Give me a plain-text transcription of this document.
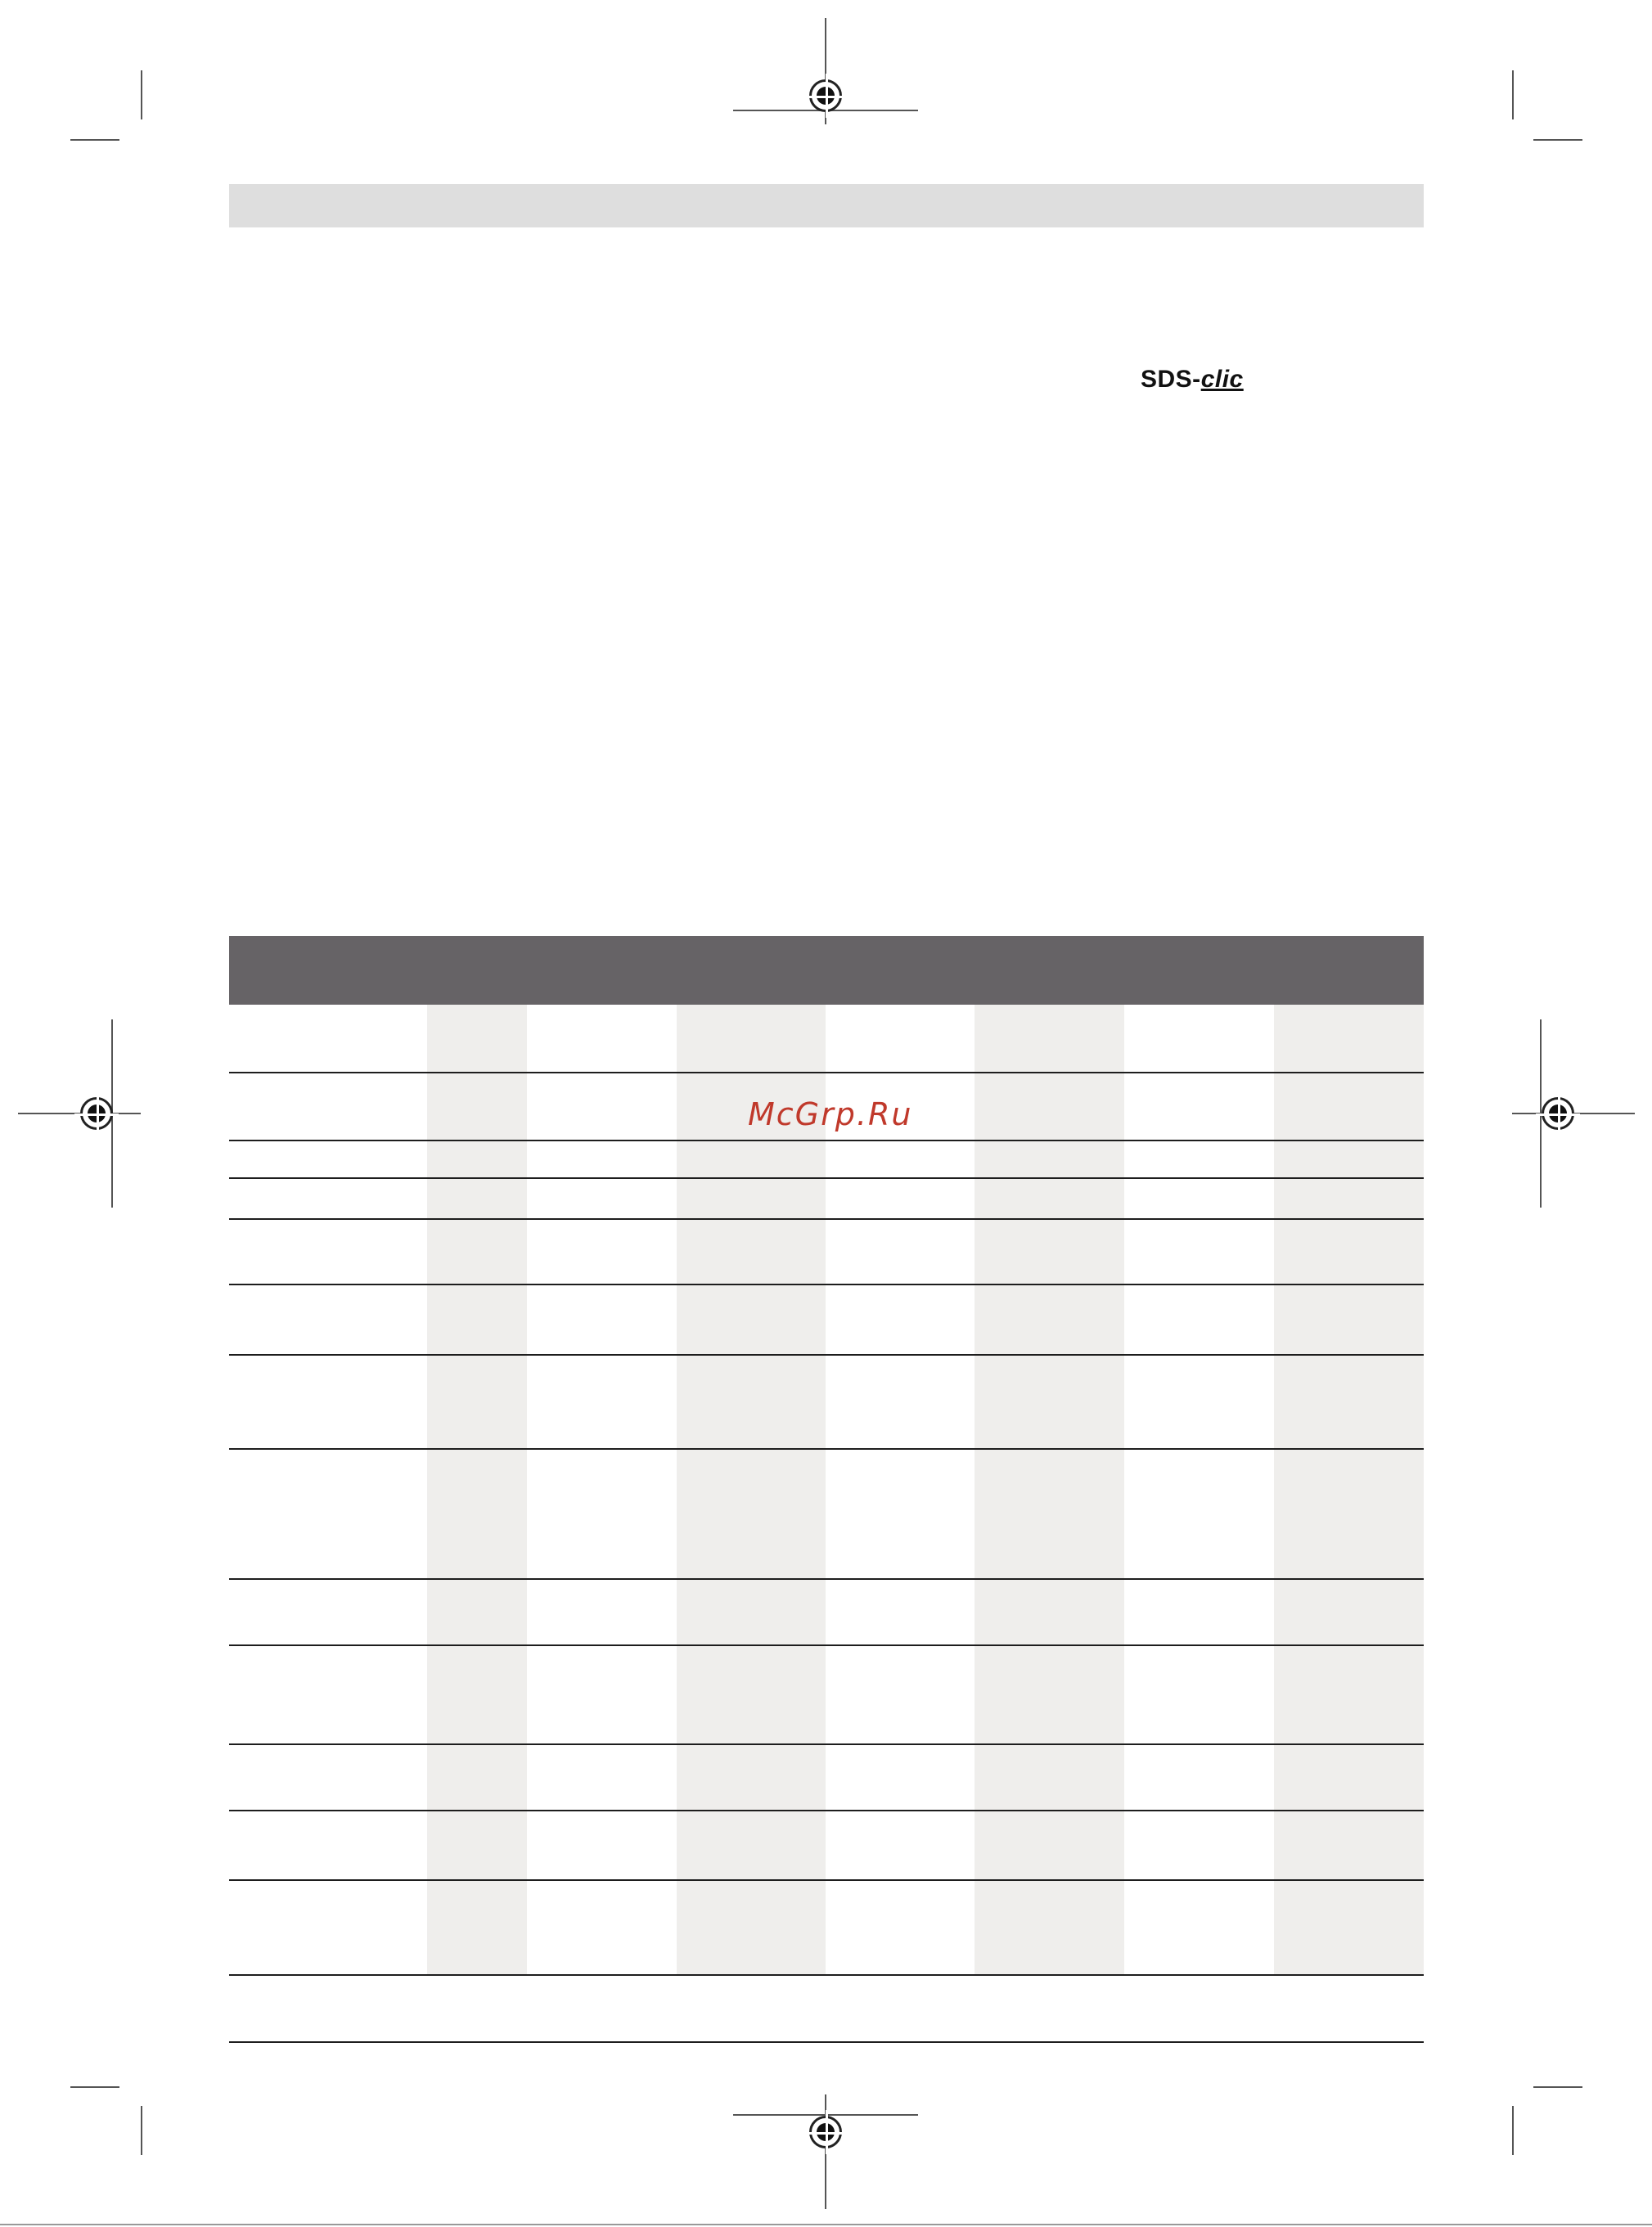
SDS-clic
McGrp.Ru
